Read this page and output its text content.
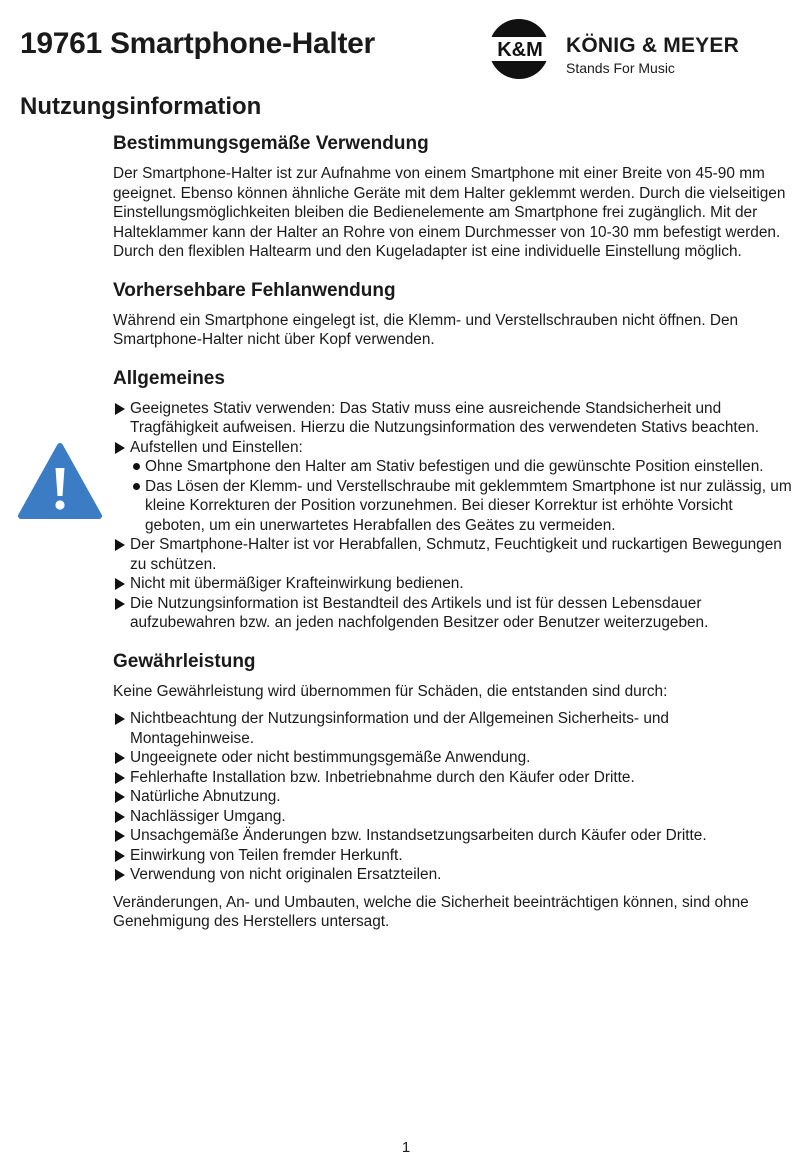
19761 Smartphone-Halter	K&M KÖNIG & MEYER
Stands For Music
Nutzungsinformation
Bestimmungsgemäße Verwendung

Der Smartphone-Halter ist zur Aufnahme von einem Smartphone mit einer Breite von 45-90 mm geeignet. Ebenso können ähnliche Geräte mit dem Halter geklemmt werden. Durch die vielseitigen Einstellungsmöglichkeiten bleiben die Bedienelemente am Smartphone frei zugänglich. Mit der Halteklammer kann der Halter an Rohre von einem Durchmesser von 10-30 mm befestigt werden. Durch den flexiblen Haltearm und den Kugeladapter ist eine individuelle Einstellung möglich.

Vorhersehbare Fehlanwendung

Während ein Smartphone eingelegt ist, die Klemm- und Verstellschrauben nicht öffnen. Den Smartphone-Halter nicht über Kopf verwenden.

Allgemeines
Geeignetes Stativ verwenden: Das Stativ muss eine ausreichende Standsicherheit und Tragfähigkeit aufweisen. Hierzu die Nutzungsinformation des verwendeten Stativs beachten.
Aufstellen und Einstellen:
Ohne Smartphone den Halter am Stativ befestigen und die gewünschte Position einstellen.
Das Lösen der Klemm- und Verstellschraube mit geklemmtem Smartphone ist nur zulässig, um kleine Korrekturen der Position vorzunehmen. Bei dieser Korrektur ist erhöhte Vorsicht geboten, um ein unerwartetes Herabfallen des Geätes zu vermeiden.
Der Smartphone-Halter ist vor Herabfallen, Schmutz, Feuchtigkeit und ruckartigen Bewegungen zu schützen.
Nicht mit übermäßiger Krafteinwirkung bedienen.
Die Nutzungsinformation ist Bestandteil des Artikels und ist für dessen Lebensdauer aufzubewahren bzw. an jeden nachfolgenden Besitzer oder Benutzer weiterzugeben.
Gewährleistung

Keine Gewährleistung wird übernommen für Schäden, die entstanden sind durch:

Nichtbeachtung der Nutzungsinformation und der Allgemeinen Sicherheits- und Montagehinweise.
Ungeeignete oder nicht bestimmungsgemäße Anwendung.
Fehlerhafte Installation bzw. Inbetriebnahme durch den Käufer oder Dritte.
Natürliche Abnutzung.
Nachlässiger Umgang.
Unsachgemäße Änderungen bzw. Instandsetzungsarbeiten durch Käufer oder Dritte.
Einwirkung von Teilen fremder Herkunft.
Verwendung von nicht originalen Ersatzteilen.

Veränderungen, An- und Umbauten, welche die Sicherheit beeinträchtigen können, sind ohne Genehmigung des Herstellers untersagt.

1
